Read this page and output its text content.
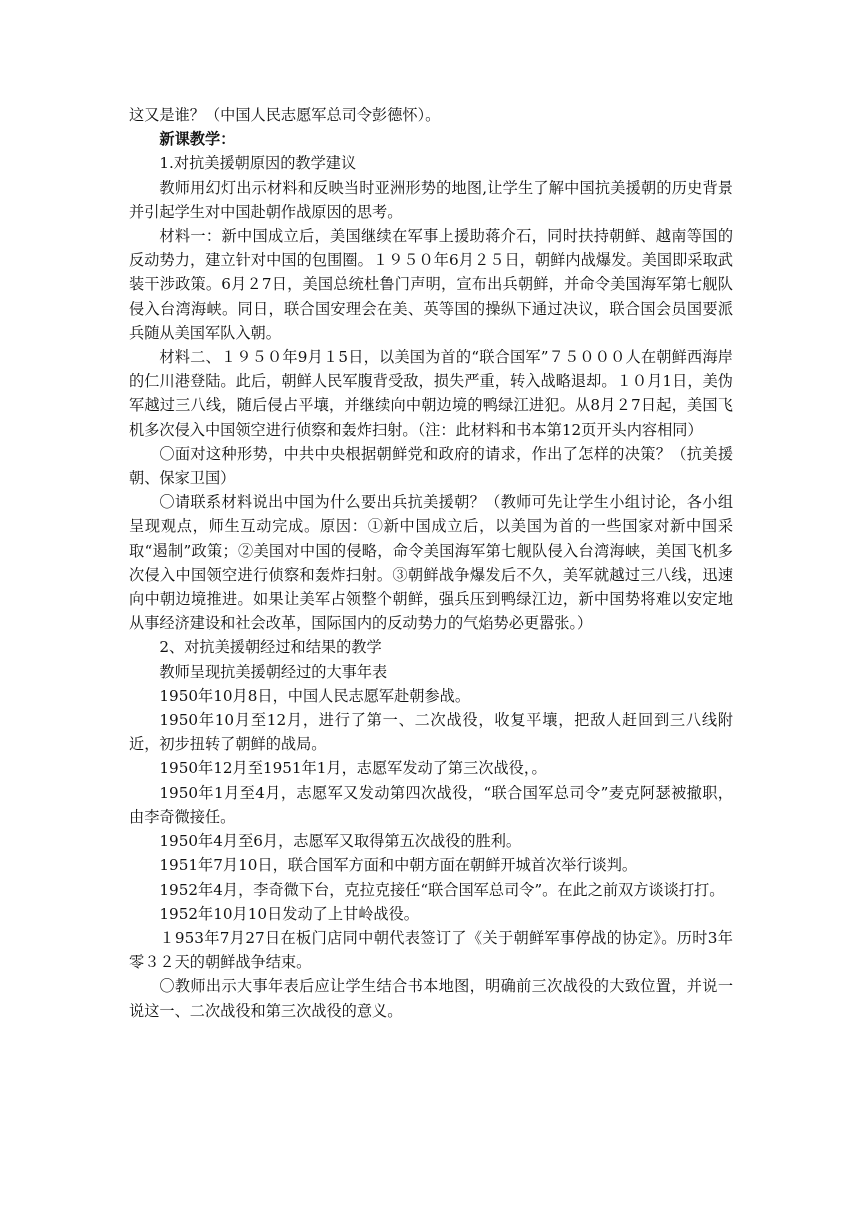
这又是谁？（中国人民志愿军总司令彭德怀）。

新课教学：

1.对抗美援朝原因的教学建议

教师用幻灯出示材料和反映当时亚洲形势的地图,让学生了解中国抗美援朝的历史背景并引起学生对中国赴朝作战原因的思考。

材料一：新中国成立后，美国继续在军事上援助蒋介石，同时扶持朝鲜、越南等国的反动势力，建立针对中国的包围圈。１９５０年6月２５日，朝鲜内战爆发。美国即采取武装干涉政策。6月２7日，美国总统杜鲁门声明，宣布出兵朝鲜，并命令美国海军第七舰队侵入台湾海峡。同日，联合国安理会在美、英等国的操纵下通过决议，联合国会员国要派兵随从美国军队入朝。

材料二、１９５０年9月１5日，以美国为首的“联合国军”７５０００人在朝鲜西海岸的仁川港登陆。此后，朝鲜人民军腹背受敌，损失严重，转入战略退却。１０月1日，美伪军越过三八线，随后侵占平壤，并继续向中朝边境的鸭绿江进犯。从8月２7日起，美国飞机多次侵入中国领空进行侦察和轰炸扫射。（注：此材料和书本第12页开头内容相同）

〇面对这种形势，中共中央根据朝鲜党和政府的请求，作出了怎样的决策？（抗美援朝、保家卫国）

〇请联系材料说出中国为什么要出兵抗美援朝？（教师可先让学生小组讨论，各小组呈现观点，师生互动完成。原因：①新中国成立后，以美国为首的一些国家对新中国采取“遏制”政策；②美国对中国的侵略，命令美国海军第七舰队侵入台湾海峡，美国飞机多次侵入中国领空进行侦察和轰炸扫射。③朝鲜战争爆发后不久，美军就越过三八线，迅速向中朝边境推进。如果让美军占领整个朝鲜，强兵压到鸭绿江边，新中国势将难以安定地从事经济建设和社会改革，国际国内的反动势力的气焰势必更嚣张。）

2、对抗美援朝经过和结果的教学

教师呈现抗美援朝经过的大事年表

1950年10月8日，中国人民志愿军赴朝参战。

1950年10月至12月，进行了第一、二次战役，收复平壤，把敌人赶回到三八线附近，初步扭转了朝鲜的战局。

1950年12月至1951年1月，志愿军发动了第三次战役，。

1950年1月至4月，志愿军又发动第四次战役，“联合国军总司令”麦克阿瑟被撤职，由李奇微接任。

1950年4月至6月，志愿军又取得第五次战役的胜利。

1951年7月10日，联合国军方面和中朝方面在朝鲜开城首次举行谈判。

1952年4月，李奇微下台，克拉克接任“联合国军总司令”。在此之前双方谈谈打打。

1952年10月10日发动了上甘岭战役。

１953年7月27日在板门店同中朝代表签订了《关于朝鲜军事停战的协定》。历时3年零３２天的朝鲜战争结束。

〇教师出示大事年表后应让学生结合书本地图，明确前三次战役的大致位置，并说一说这一、二次战役和第三次战役的意义。
